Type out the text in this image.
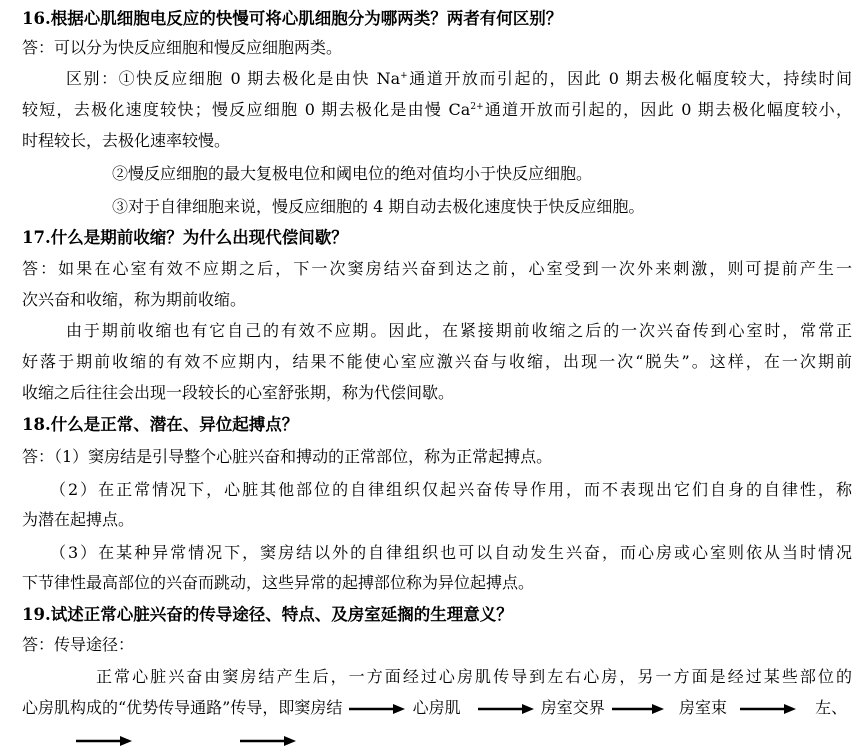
16.根据心肌细胞电反应的快慢可将心肌细胞分为哪两类？两者有何区别？
答：可以分为快反应细胞和慢反应细胞两类。
区别：①快反应细胞 0 期去极化是由快 Na+通道开放而引起的，因此 0 期去极化幅度较大，持续时间
较短，去极化速度较快；慢反应细胞 0 期去极化是由慢 $Ca^{2+}$通道开放而引起的，因此 0 期去极化幅度较小，
时程较长，去极化速率较慢。
②慢反应细胞的最大复极电位和阈电位的绝对值均小于快反应细胞。
③对于自律细胞来说，慢反应细胞的 4 期自动去极化速度快于快反应细胞。
17.什么是期前收缩？为什么出现代偿间歇？
答：如果在心室有效不应期之后，下一次窦房结兴奋到达之前，心室受到一次外来刺激，则可提前产生一
次兴奋和收缩，称为期前收缩。
由于期前收缩也有它自己的有效不应期。因此，在紧接期前收缩之后的一次兴奋传到心室时，常常正
好落于期前收缩的有效不应期内，结果不能使心室应激兴奋与收缩，出现一次“脱失”。这样，在一次期前
收缩之后往往会出现一段较长的心室舒张期，称为代偿间歇。
18.什么是正常、潜在、异位起搏点？
答：（1）窦房结是引导整个心脏兴奋和搏动的正常部位，称为正常起搏点。
（2）在正常情况下，心脏其他部位的自律组织仅起兴奋传导作用，而不表现出它们自身的自律性，称
为潜在起搏点。
（3）在某种异常情况下，窦房结以外的自律组织也可以自动发生兴奋，而心房或心室则依从当时情况
下节律性最高部位的兴奋而跳动，这些异常的起搏部位称为异位起搏点。
19.试述正常心脏兴奋的传导途径、特点、及房室延搁的生理意义？
答：传导途径：
正常心脏兴奋由窦房结产生后，一方面经过心房肌传导到左右心房，另一方面是经过某些部位的
心房肌构成的“优势传导通路”传导，即窦房结	心房肌	房室交界	房室束	左、
